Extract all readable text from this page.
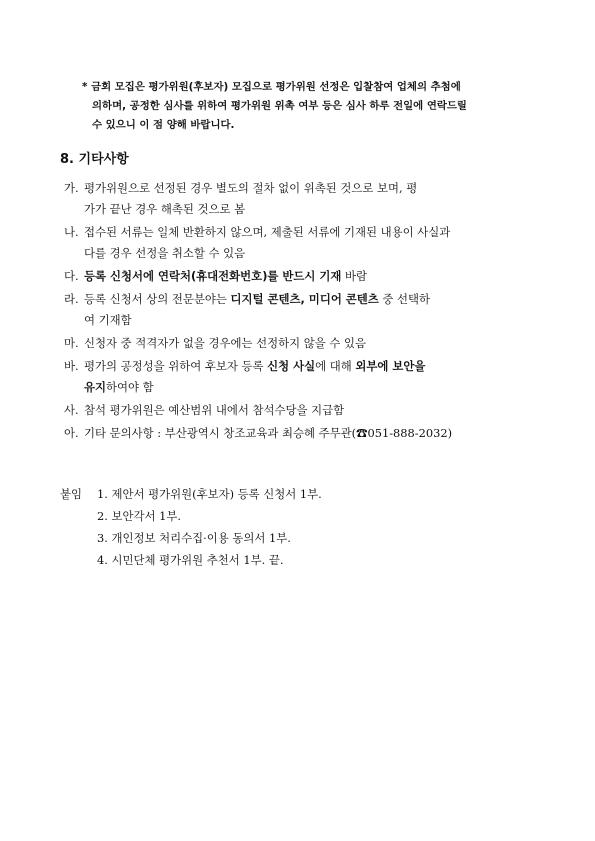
* 금회 모집은 평가위원(후보자) 모집으로 평가위원 선정은 입찰참여 업체의 추첨에
의하며, 공정한 심사를 위하여 평가위원 위촉 여부 등은 심사 하루 전일에 연락드릴
수 있으니 이 점 양해 바랍니다.
8. 기타사항
가. 평가위원으로 선정된 경우 별도의 절차 없이 위촉된 것으로 보며, 평
가가 끝난 경우 해촉된 것으로 봄
나. 접수된 서류는 일체 반환하지 않으며, 제출된 서류에 기재된 내용이 사실과
다를 경우 선정을 취소할 수 있음
다. 등록 신청서에 연락처(휴대전화번호)를 반드시 기재 바람
라. 등록 신청서 상의 전문분야는 디지털 콘텐츠, 미디어 콘텐츠 중 선택하
여 기재함
마. 신청자 중 적격자가 없을 경우에는 선정하지 않을 수 있음
바. 평가의 공정성을 위하여 후보자 등록 신청 사실에 대해 외부에 보안을
유지하여야 함
사. 참석 평가위원은 예산범위 내에서 참석수당을 지급함
아. 기타 문의사항 : 부산광역시 창조교육과 최승혜 주무관(☎051-888-2032)
붙임 1. 제안서 평가위원(후보자) 등록 신청서 1부.
2. 보안각서 1부.
3. 개인정보 처리수집·이용 동의서 1부.
4. 시민단체 평가위원 추천서 1부. 끝.
